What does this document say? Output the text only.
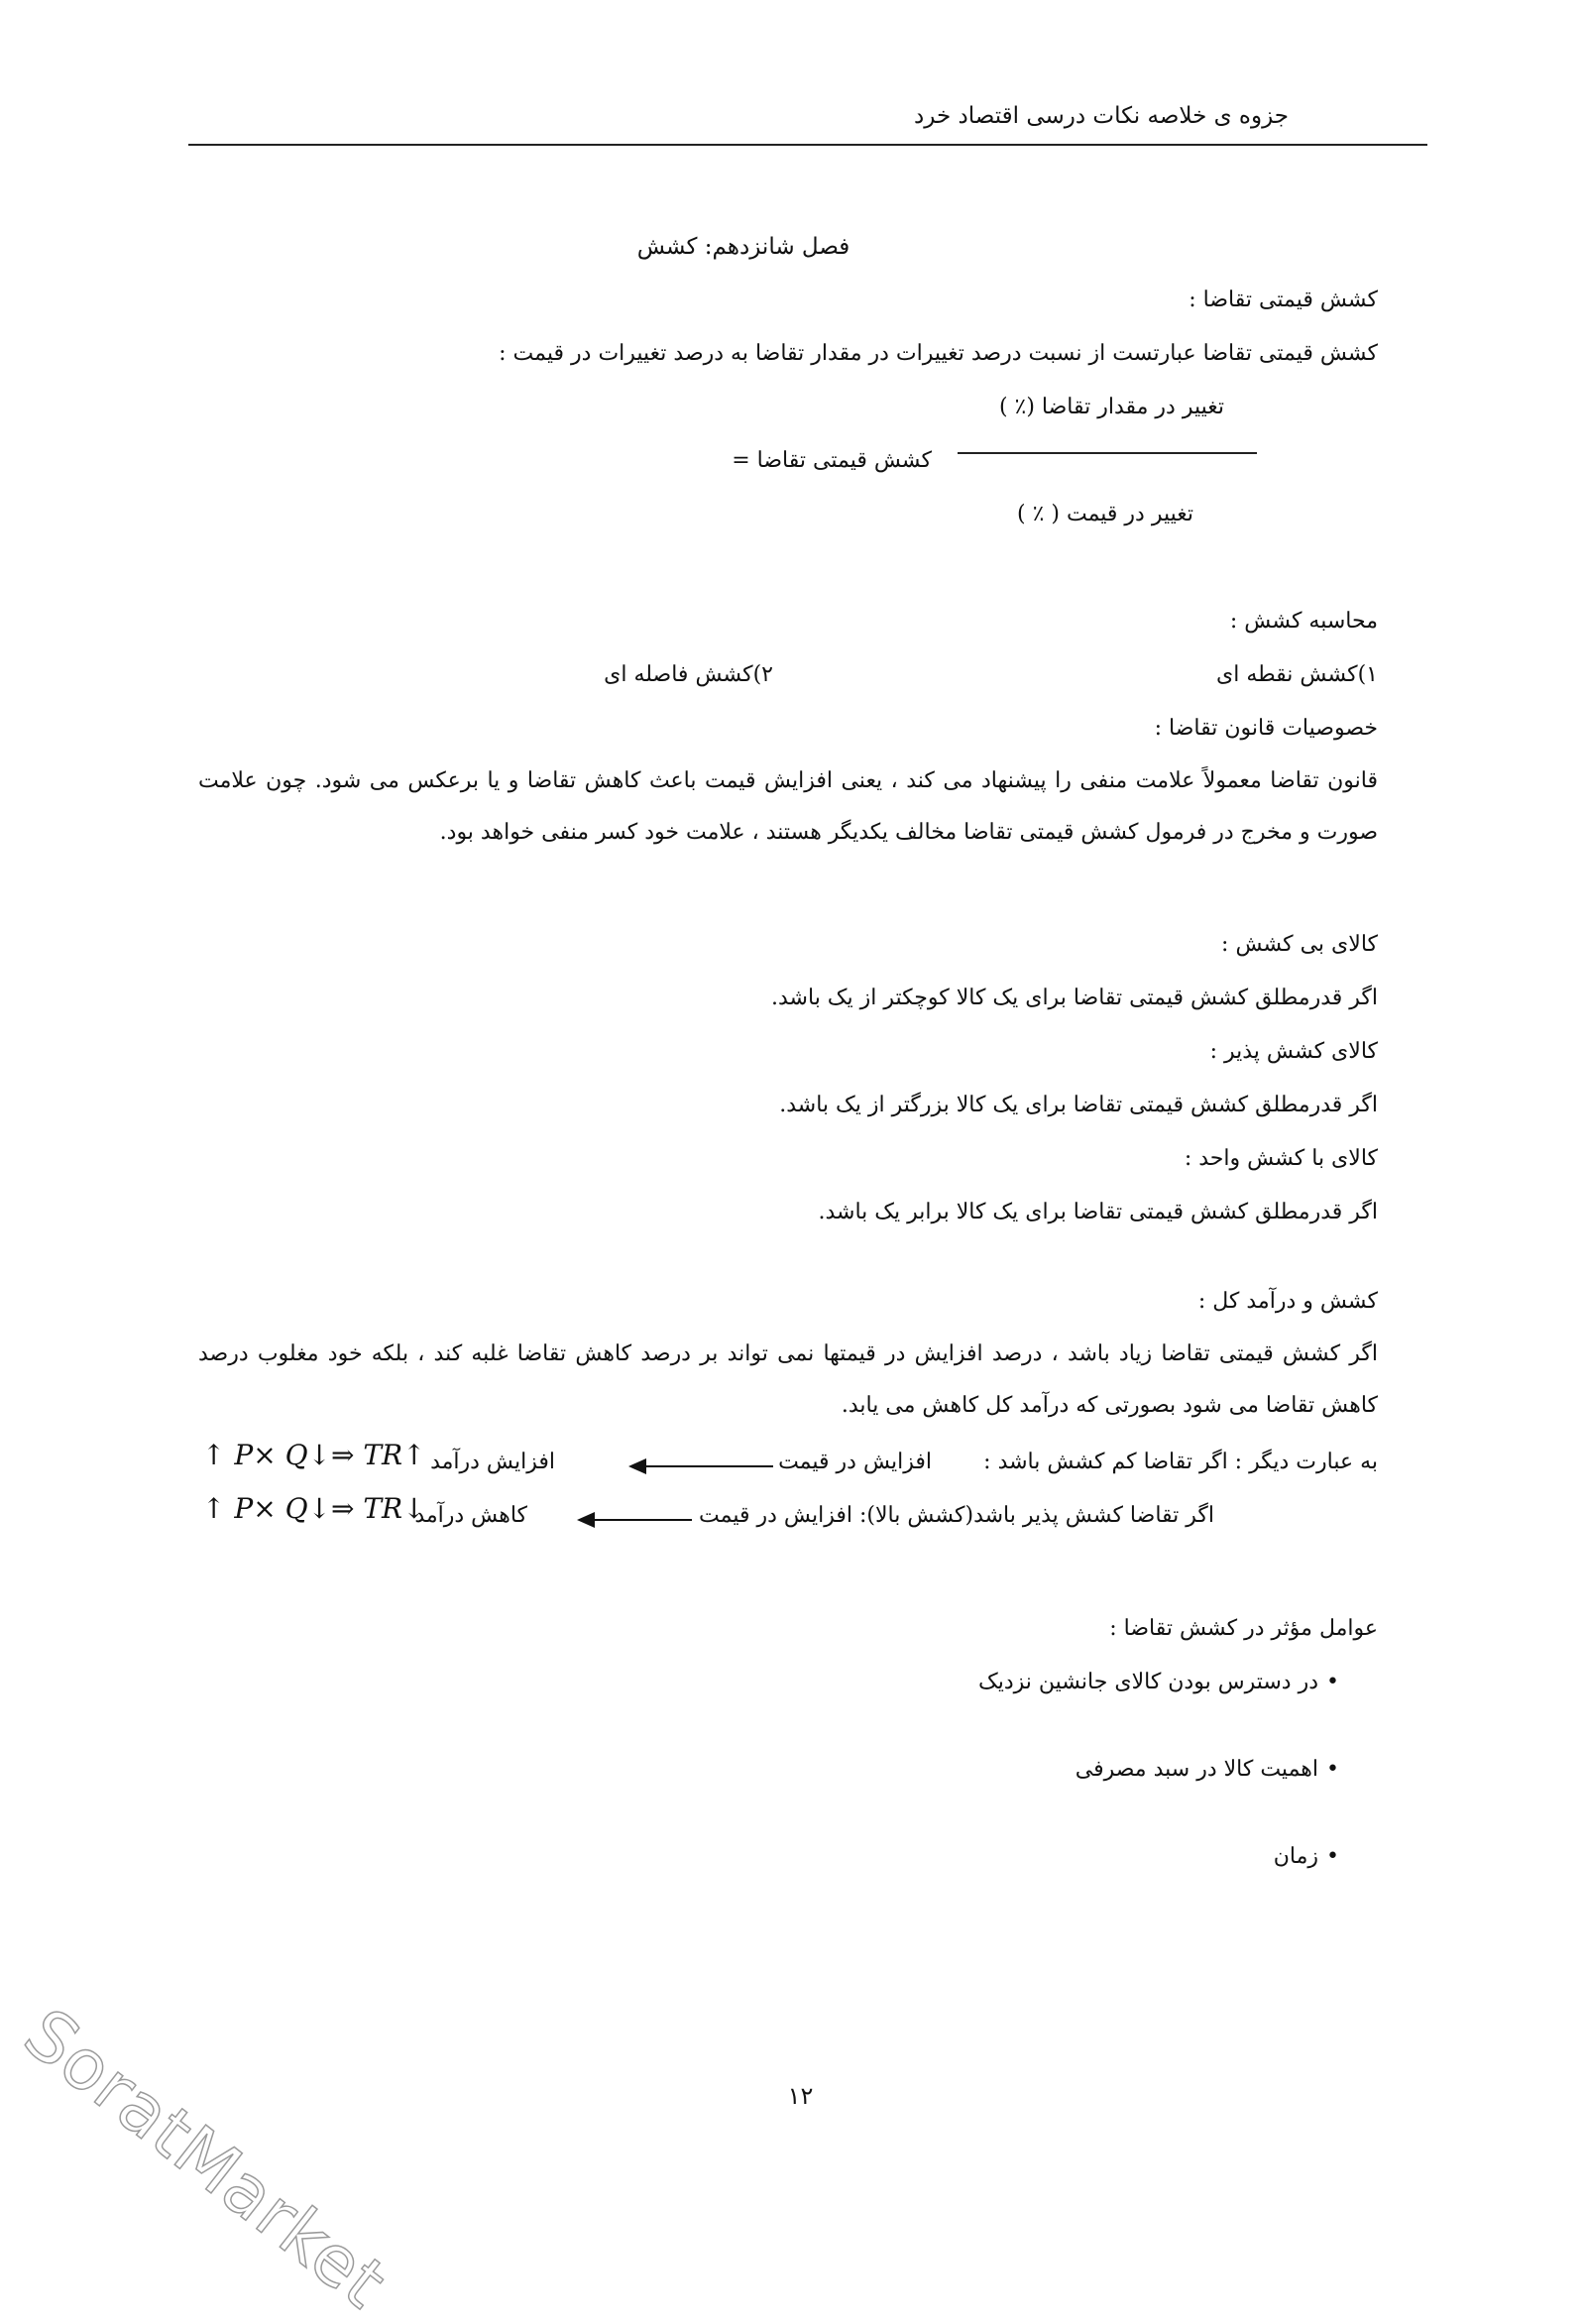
جزوه ی خلاصه نکات درسی اقتصاد خرد
فصل شانزدهم: کشش
کشش قیمتی تقاضا :
کشش قیمتی تقاضا عبارتست از نسبت درصد تغییرات در مقدار تقاضا به درصد تغییرات در قیمت :
تغییر در مقدار تقاضا (٪ )
کشش قیمتی تقاضا =
تغییر در قیمت ( ٪ )
محاسبه کشش :
۱)کشش نقطه ای
۲)کشش فاصله ای
خصوصیات قانون تقاضا :
قانون تقاضا معمولاً علامت منفی را پیشنهاد می کند ، یعنی افزایش قیمت باعث کاهش تقاضا و یا برعکس می شود. چون علامت صورت و مخرج در فرمول کشش قیمتی تقاضا مخالف یکدیگر هستند ، علامت خود کسر منفی خواهد بود.
کالای بی کشش :
اگر قدرمطلق کشش قیمتی تقاضا برای یک کالا کوچکتر از یک باشد.
کالای کشش پذیر :
اگر قدرمطلق کشش قیمتی تقاضا برای یک کالا بزرگتر از یک باشد.
کالای با کشش واحد :
اگر قدرمطلق کشش قیمتی تقاضا برای یک کالا برابر یک باشد.
کشش و درآمد کل :
اگر کشش قیمتی تقاضا زیاد باشد ، درصد افزایش در قیمتها نمی تواند بر درصد کاهش تقاضا غلبه کند ، بلکه خود مغلوب درصد کاهش تقاضا می شود بصورتی که درآمد کل کاهش می یابد.
به عبارت دیگر : اگر تقاضا کم کشش باشد :
افزایش در قیمت
افزایش درآمد
↑ P× Q↓⇒ TR↑
اگر تقاضا کشش پذیر باشد(کشش بالا): افزایش در قیمت
کاهش درآمد
↑ P× Q↓⇒ TR↓
عوامل مؤثر در کشش تقاضا :
•
در دسترس بودن کالای جانشین نزدیک
•
اهمیت کالا در سبد مصرفی
•
زمان
۱۲
SoratMarket
